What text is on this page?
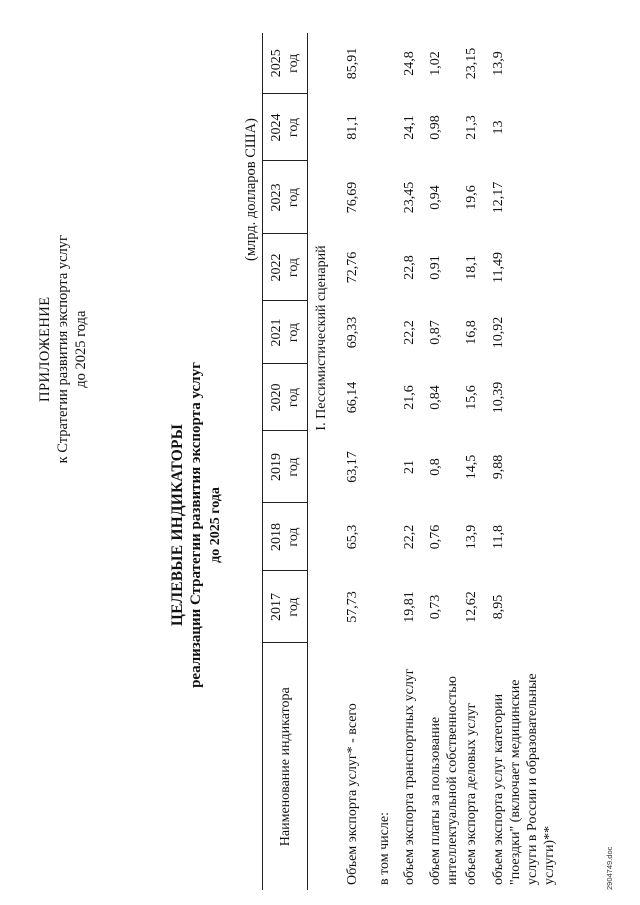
ПРИЛОЖЕНИЕ к Стратегии развития экспорта услуг до 2025 года
ЦЕЛЕВЫЕ ИНДИКАТОРЫ реализации Стратегии развития экспорта услуг до 2025 года
(млрд. долларов США)
Наименование индикатора	2017 год	2018 год	2019 год	2020 год	2021 год	2022 год	2023 год	2024 год	2025 год

	I. Пессимистический сценарий								
Объем экспорта услуг* - всего	57,73	65,3	63,17	66,14	69,33	72,76	76,69	81,1	85,91
в том числе:									
объем экспорта транспортных услуг	19,81	22,2	21	21,6	22,2	22,8	23,45	24,1	24,8

объем платы за пользование интеллектуальной собственностью	0,73	0,76	0,8	0,84	0,87	0,91	0,94	0,98	1,02
объем экспорта деловых услуг	12,62	13,9	14,5	15,6	16,8	18,1	19,6	21,3	23,15

объем экспорта услуг категории "поездки" (включает медицинские услуги в России и образовательные услуги)**	8,95	11,8	9,88	10,39	10,92	11,49	12,17	13	13,9
2904749.doc
